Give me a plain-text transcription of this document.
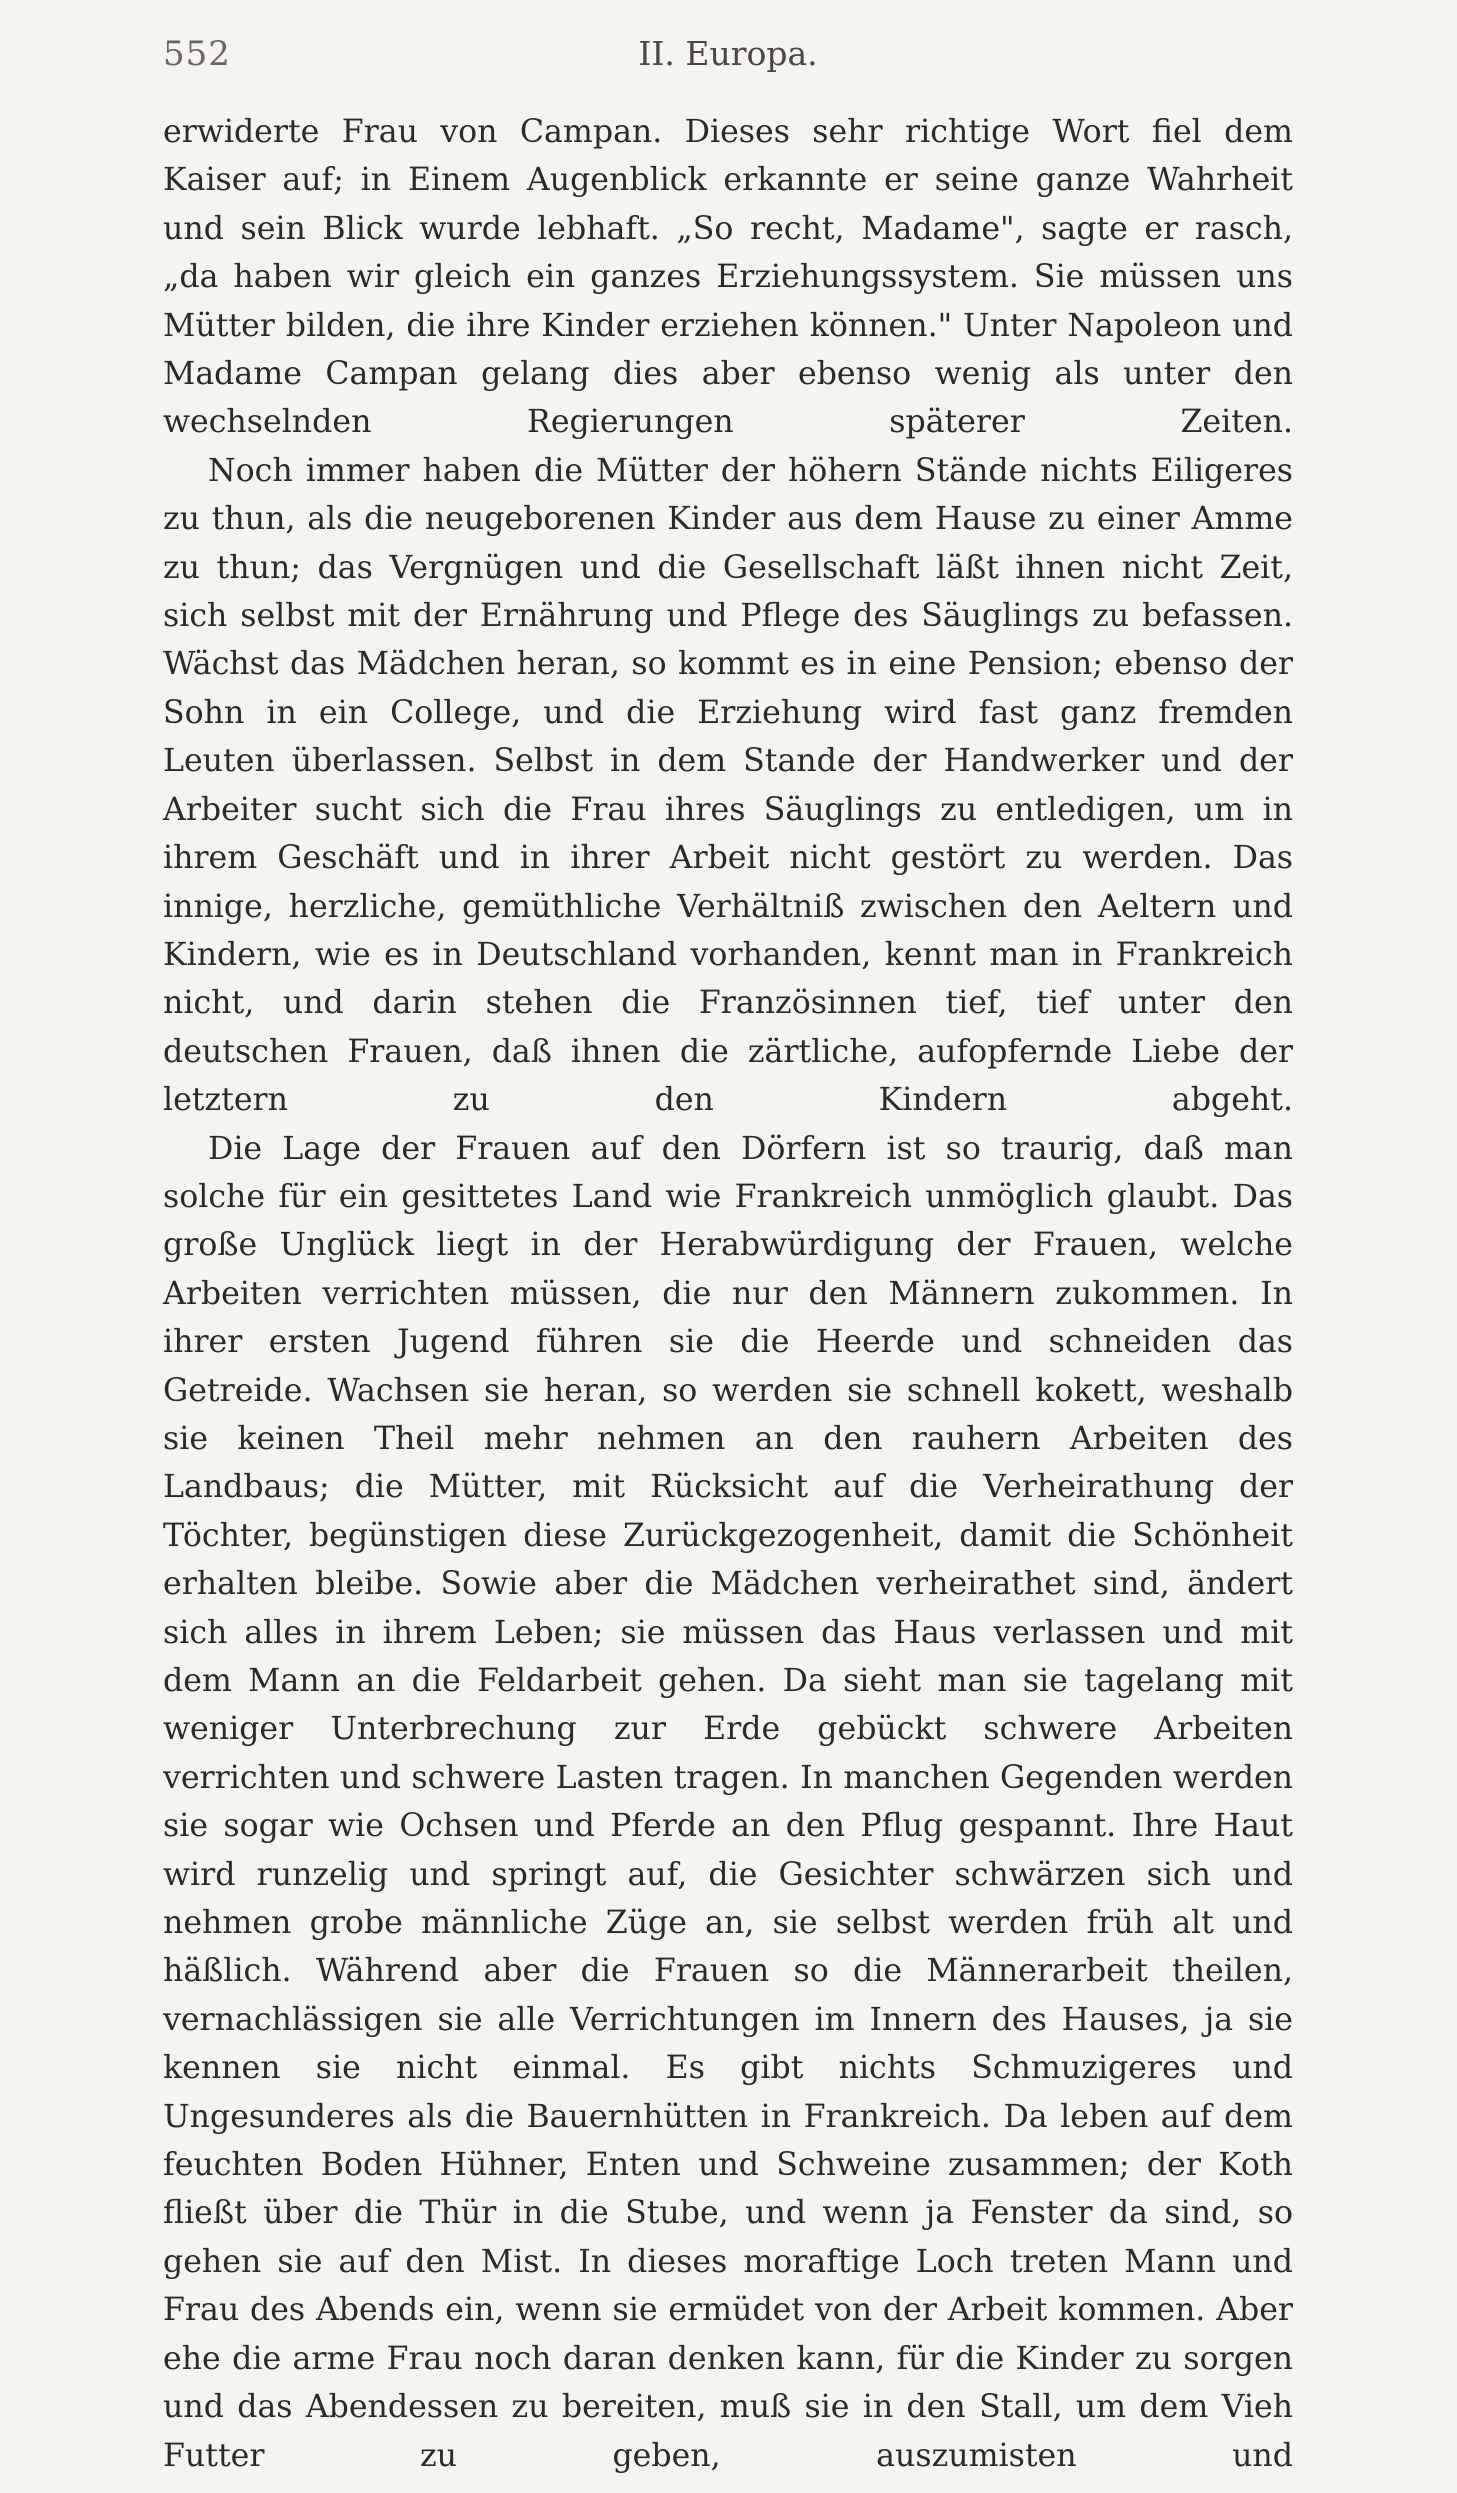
552	II. Europa.

erwiderte Frau von Campan. Dieses sehr richtige Wort fiel dem Kaiser auf; in Einem Augenblick erkannte er seine ganze Wahrheit und sein Blick wurde lebhaft. „So recht, Madame", sagte er rasch, „da haben wir gleich ein ganzes Erziehungssystem. Sie müssen uns Mütter bilden, die ihre Kinder erziehen können." Unter Napoleon und Madame Campan gelang dies aber ebenso wenig als unter den wechselnden Regierungen späterer Zeiten.

Noch immer haben die Mütter der höhern Stände nichts Eiligeres zu thun, als die neugeborenen Kinder aus dem Hause zu einer Amme zu thun; das Vergnügen und die Gesellschaft läßt ihnen nicht Zeit, sich selbst mit der Ernährung und Pflege des Säuglings zu befassen. Wächst das Mädchen heran, so kommt es in eine Pension; ebenso der Sohn in ein College, und die Erziehung wird fast ganz fremden Leuten überlassen. Selbst in dem Stande der Handwerker und der Arbeiter sucht sich die Frau ihres Säuglings zu entledigen, um in ihrem Geschäft und in ihrer Arbeit nicht gestört zu werden. Das innige, herzliche, gemüthliche Verhältniß zwischen den Aeltern und Kindern, wie es in Deutschland vorhanden, kennt man in Frankreich nicht, und darin stehen die Französinnen tief, tief unter den deutschen Frauen, daß ihnen die zärtliche, aufopfernde Liebe der letztern zu den Kindern abgeht.

Die Lage der Frauen auf den Dörfern ist so traurig, daß man solche für ein gesittetes Land wie Frankreich unmöglich glaubt. Das große Unglück liegt in der Herabwürdigung der Frauen, welche Arbeiten verrichten müssen, die nur den Männern zukommen. In ihrer ersten Jugend führen sie die Heerde und schneiden das Getreide. Wachsen sie heran, so werden sie schnell kokett, weshalb sie keinen Theil mehr nehmen an den rauhern Arbeiten des Landbaus; die Mütter, mit Rücksicht auf die Verheirathung der Töchter, begünstigen diese Zurückgezogenheit, damit die Schönheit erhalten bleibe. Sowie aber die Mädchen verheirathet sind, ändert sich alles in ihrem Leben; sie müssen das Haus verlassen und mit dem Mann an die Feldarbeit gehen. Da sieht man sie tagelang mit weniger Unterbrechung zur Erde gebückt schwere Arbeiten verrichten und schwere Lasten tragen. In manchen Gegenden werden sie sogar wie Ochsen und Pferde an den Pflug gespannt. Ihre Haut wird runzelig und springt auf, die Gesichter schwärzen sich und nehmen grobe männliche Züge an, sie selbst werden früh alt und häßlich. Während aber die Frauen so die Männerarbeit theilen, vernachlässigen sie alle Verrichtungen im Innern des Hauses, ja sie kennen sie nicht einmal. Es gibt nichts Schmuzigeres und Ungesunderes als die Bauernhütten in Frankreich. Da leben auf dem feuchten Boden Hühner, Enten und Schweine zusammen; der Koth fließt über die Thür in die Stube, und wenn ja Fenster da sind, so gehen sie auf den Mist. In dieses moraftige Loch treten Mann und Frau des Abends ein, wenn sie ermüdet von der Arbeit kommen. Aber ehe die arme Frau noch daran denken kann, für die Kinder zu sorgen und das Abendessen zu bereiten, muß sie in den Stall, um dem Vieh Futter zu geben, auszumisten und
